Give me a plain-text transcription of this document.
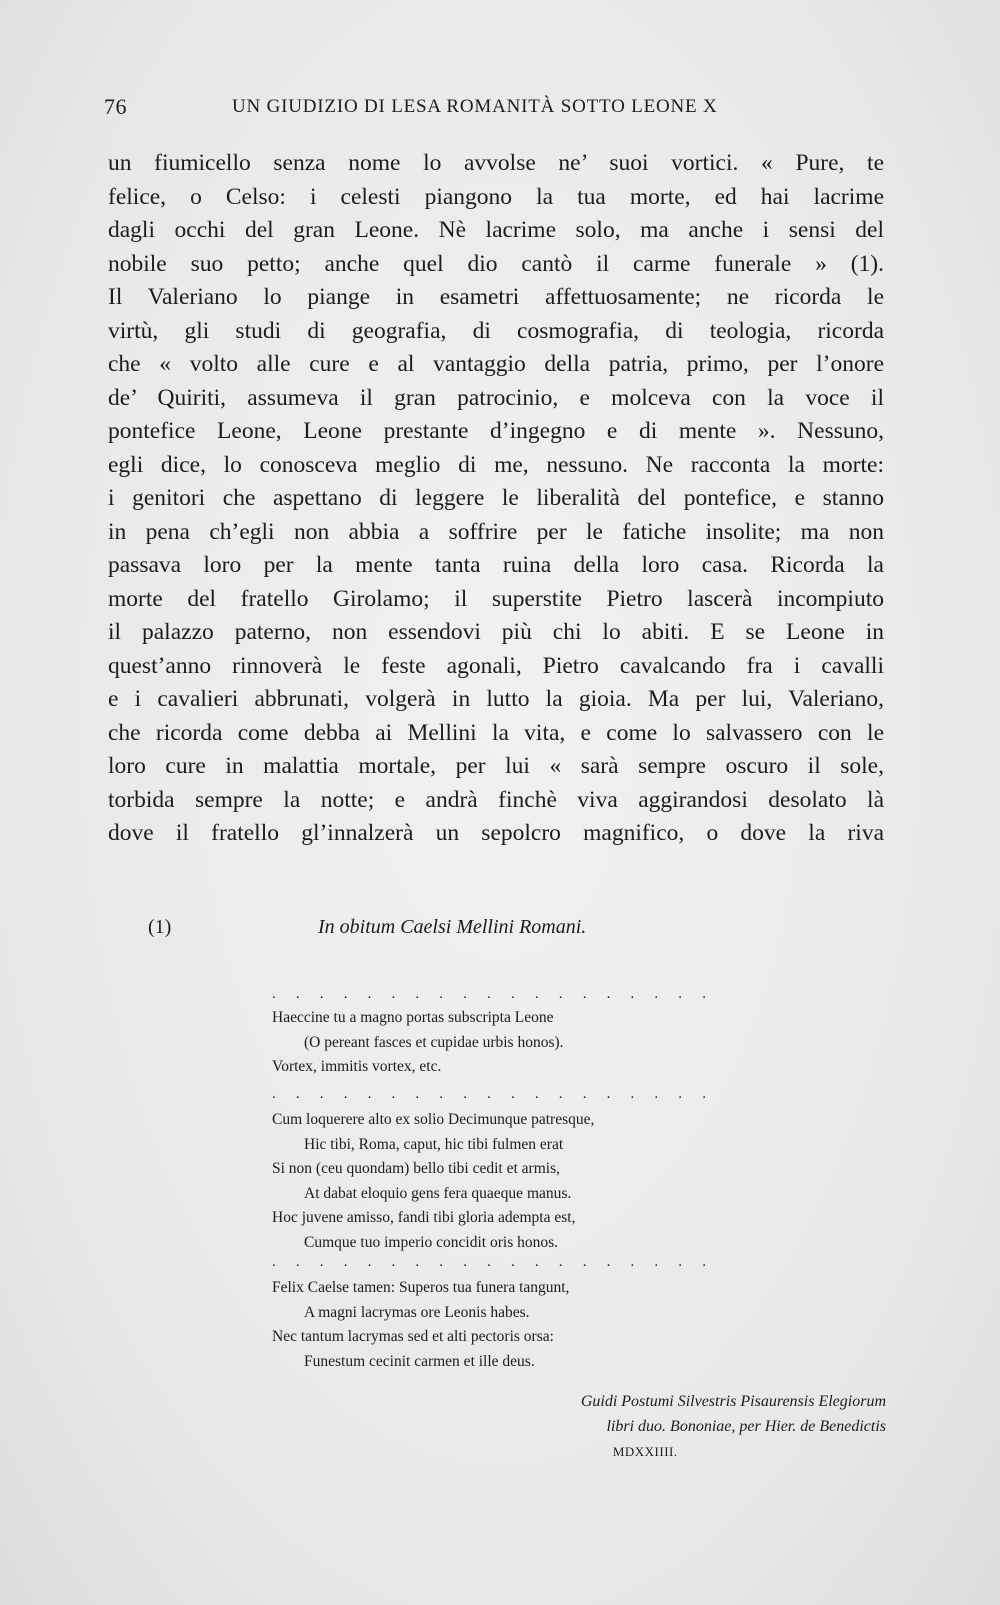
76	UN GIUDIZIO DI LESA ROMANITÀ SOTTO LEONE X
un fiumicello senza nome lo avvolse ne’ suoi vortici. « Pure, te
felice, o Celso: i celesti piangono la tua morte, ed hai lacrime
dagli occhi del gran Leone. Nè lacrime solo, ma anche i sensi del
nobile suo petto; anche quel dio cantò il carme funerale » (1).
Il Valeriano lo piange in esametri affettuosamente; ne ricorda le
virtù, gli studi di geografia, di cosmografia, di teologia, ricorda
che « volto alle cure e al vantaggio della patria, primo, per l’onore
de’ Quiriti, assumeva il gran patrocinio, e molceva con la voce il
pontefice Leone, Leone prestante d’ingegno e di mente ». Nessuno,
egli dice, lo conosceva meglio di me, nessuno. Ne racconta la morte:
i genitori che aspettano di leggere le liberalità del pontefice, e stanno
in pena ch’egli non abbia a soffrire per le fatiche insolite; ma non
passava loro per la mente tanta ruina della loro casa. Ricorda la
morte del fratello Girolamo; il superstite Pietro lascerà incompiuto
il palazzo paterno, non essendovi più chi lo abiti. E se Leone in
quest’anno rinnoverà le feste agonali, Pietro cavalcando fra i cavalli
e i cavalieri abbrunati, volgerà in lutto la gioia. Ma per lui, Valeriano,
che ricorda come debba ai Mellini la vita, e come lo salvassero con le
loro cure in malattia mortale, per lui « sarà sempre oscuro il sole,
torbida sempre la notte; e andrà finchè viva aggirandosi desolato là
dove il fratello gl’innalzerà un sepolcro magnifico, o dove la riva
(1)	In obitum Caelsi Mellini Romani.
. . . . . . . . . . . . . . . . . . .
Haeccine tu a magno portas subscripta Leone
(O pereant fasces et cupidae urbis honos).
Vortex, immitis vortex, etc.
. . . . . . . . . . . . . . . . . . .
Cum loquerere alto ex solio Decimunque patresque,
Hic tibi, Roma, caput, hic tibi fulmen erat
Si non (ceu quondam) bello tibi cedit et armis,
At dabat eloquio gens fera quaeque manus.
Hoc juvene amisso, fandi tibi gloria adempta est,
Cumque tuo imperio concidit oris honos.
. . . . . . . . . . . . . . . . . . .
Felix Caelse tamen: Superos tua funera tangunt,
A magni lacrymas ore Leonis habes.
Nec tantum lacrymas sed et alti pectoris orsa:
Funestum cecinit carmen et ille deus.
Guidi Postumi Silvestris Pisaurensis Elegiorum
libri duo. Bononiae, per Hier. de Benedictis
MDXXIIII.
